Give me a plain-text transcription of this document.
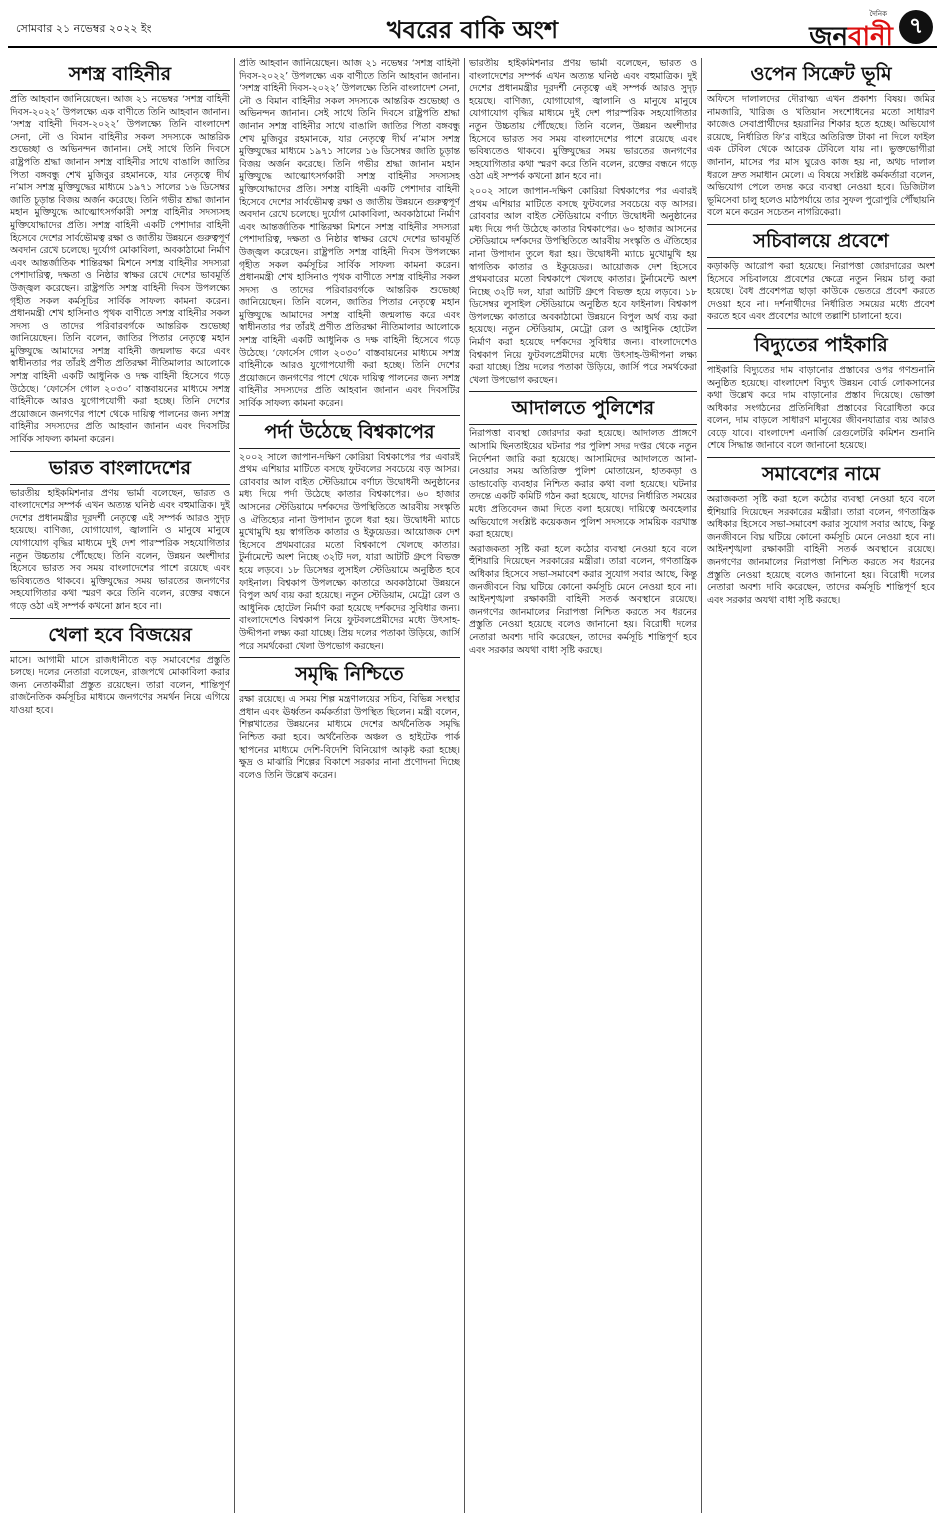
সোমবার ২১ নভেম্বর ২০২২ ইং	খবরের বাকি অংশ
দৈনিক
জনবানী ৭
সশস্ত্র বাহিনীর

প্রতি আহবান জানিয়েছেন। আজ ২১ নভেম্বর ‘সশস্ত্র বাহিনী দিবস-২০২২’ উপলক্ষ্যে এক বাণীতে তিনি আহবান জানান। ‘সশস্ত্র বাহিনী দিবস-২০২২’ উপলক্ষ্যে তিনি বাংলাদেশ সেনা, নৌ ও বিমান বাহিনীর সকল সদস্যকে আন্তরিক শুভেচ্ছা ও অভিনন্দন জানান। সেই সাথে তিনি দিবসে রাষ্ট্রপতি শ্রদ্ধা জানান সশস্ত্র বাহিনীর সাথে বাঙালি জাতির পিতা বঙ্গবন্ধু শেখ মুজিবুর রহমানকে, যার নেতৃত্বে দীর্ঘ ন’মাস সশস্ত্র মুক্তিযুদ্ধের মাধ্যমে ১৯৭১ সালের ১৬ ডিসেম্বর জাতি চূড়ান্ত বিজয় অর্জন করেছে। তিনি গভীর শ্রদ্ধা জানান মহান মুক্তিযুদ্ধে আত্মোৎসর্গকারী সশস্ত্র বাহিনীর সদস্যসহ মুক্তিযোদ্ধাদের প্রতি। সশস্ত্র বাহিনী একটি পেশাদার বাহিনী হিসেবে দেশের সার্বভৌমত্ব রক্ষা ও জাতীয় উন্নয়নে গুরুত্বপূর্ণ অবদান রেখে চলেছে। দুর্যোগ মোকাবিলা, অবকাঠামো নির্মাণ এবং আন্তর্জাতিক শান্তিরক্ষা মিশনে সশস্ত্র বাহিনীর সদস্যরা পেশাদারিত্ব, দক্ষতা ও নিষ্ঠার স্বাক্ষর রেখে দেশের ভাবমূর্তি উজ্জ্বল করেছেন। রাষ্ট্রপতি সশস্ত্র বাহিনী দিবস উপলক্ষ্যে গৃহীত সকল কর্মসূচির সার্বিক সাফল্য কামনা করেন। প্রধানমন্ত্রী শেখ হাসিনাও পৃথক বাণীতে সশস্ত্র বাহিনীর সকল সদস্য ও তাদের পরিবারবর্গকে আন্তরিক শুভেচ্ছা জানিয়েছেন। তিনি বলেন, জাতির পিতার নেতৃত্বে মহান মুক্তিযুদ্ধে আমাদের সশস্ত্র বাহিনী জন্মলাভ করে এবং স্বাধীনতার পর তাঁরই প্রণীত প্রতিরক্ষা নীতিমালার আলোকে সশস্ত্র বাহিনী একটি আধুনিক ও দক্ষ বাহিনী হিসেবে গড়ে উঠেছে। ‘ফোর্সেস গোল ২০৩০’ বাস্তবায়নের মাধ্যমে সশস্ত্র বাহিনীকে আরও যুগোপযোগী করা হচ্ছে। তিনি দেশের প্রয়োজনে জনগণের পাশে থেকে দায়িত্ব পালনের জন্য সশস্ত্র বাহিনীর সদস্যদের প্রতি আহবান জানান এবং দিবসটির সার্বিক সাফল্য কামনা করেন।

ভারত বাংলাদেশের

ভারতীয় হাইকমিশনার প্রণয় ভার্মা বলেছেন, ভারত ও বাংলাদেশের সম্পর্ক এখন অত্যন্ত ঘনিষ্ঠ এবং বহুমাত্রিক। দুই দেশের প্রধানমন্ত্রীর দূরদর্শী নেতৃত্বে এই সম্পর্ক আরও সুদৃঢ় হয়েছে। বাণিজ্য, যোগাযোগ, জ্বালানি ও মানুষে মানুষে যোগাযোগ বৃদ্ধির মাধ্যমে দুই দেশ পারস্পরিক সহযোগিতার নতুন উচ্চতায় পৌঁছেছে। তিনি বলেন, উন্নয়ন অংশীদার হিসেবে ভারত সব সময় বাংলাদেশের পাশে রয়েছে এবং ভবিষ্যতেও থাকবে। মুক্তিযুদ্ধের সময় ভারতের জনগণের সহযোগিতার কথা স্মরণ করে তিনি বলেন, রক্তের বন্ধনে গড়ে ওঠা এই সম্পর্ক কখনো ম্লান হবে না।

খেলা হবে বিজয়ের

মাসে। আগামী মাসে রাজধানীতে বড় সমাবেশের প্রস্তুতি চলছে। দলের নেতারা বলেছেন, রাজপথে মোকাবিলা করার জন্য নেতাকর্মীরা প্রস্তুত রয়েছেন। তারা বলেন, শান্তিপূর্ণ রাজনৈতিক কর্মসূচির মাধ্যমে জনগণের সমর্থন নিয়ে এগিয়ে যাওয়া হবে।

প্রতি আহবান জানিয়েছেন। আজ ২১ নভেম্বর ‘সশস্ত্র বাহিনী দিবস-২০২২’ উপলক্ষ্যে এক বাণীতে তিনি আহবান জানান। ‘সশস্ত্র বাহিনী দিবস-২০২২’ উপলক্ষ্যে তিনি বাংলাদেশ সেনা, নৌ ও বিমান বাহিনীর সকল সদস্যকে আন্তরিক শুভেচ্ছা ও অভিনন্দন জানান। সেই সাথে তিনি দিবসে রাষ্ট্রপতি শ্রদ্ধা জানান সশস্ত্র বাহিনীর সাথে বাঙালি জাতির পিতা বঙ্গবন্ধু শেখ মুজিবুর রহমানকে, যার নেতৃত্বে দীর্ঘ ন’মাস সশস্ত্র মুক্তিযুদ্ধের মাধ্যমে ১৯৭১ সালের ১৬ ডিসেম্বর জাতি চূড়ান্ত বিজয় অর্জন করেছে। তিনি গভীর শ্রদ্ধা জানান মহান মুক্তিযুদ্ধে আত্মোৎসর্গকারী সশস্ত্র বাহিনীর সদস্যসহ মুক্তিযোদ্ধাদের প্রতি। সশস্ত্র বাহিনী একটি পেশাদার বাহিনী হিসেবে দেশের সার্বভৌমত্ব রক্ষা ও জাতীয় উন্নয়নে গুরুত্বপূর্ণ অবদান রেখে চলেছে। দুর্যোগ মোকাবিলা, অবকাঠামো নির্মাণ এবং আন্তর্জাতিক শান্তিরক্ষা মিশনে সশস্ত্র বাহিনীর সদস্যরা পেশাদারিত্ব, দক্ষতা ও নিষ্ঠার স্বাক্ষর রেখে দেশের ভাবমূর্তি উজ্জ্বল করেছেন। রাষ্ট্রপতি সশস্ত্র বাহিনী দিবস উপলক্ষ্যে গৃহীত সকল কর্মসূচির সার্বিক সাফল্য কামনা করেন। প্রধানমন্ত্রী শেখ হাসিনাও পৃথক বাণীতে সশস্ত্র বাহিনীর সকল সদস্য ও তাদের পরিবারবর্গকে আন্তরিক শুভেচ্ছা জানিয়েছেন। তিনি বলেন, জাতির পিতার নেতৃত্বে মহান মুক্তিযুদ্ধে আমাদের সশস্ত্র বাহিনী জন্মলাভ করে এবং স্বাধীনতার পর তাঁরই প্রণীত প্রতিরক্ষা নীতিমালার আলোকে সশস্ত্র বাহিনী একটি আধুনিক ও দক্ষ বাহিনী হিসেবে গড়ে উঠেছে। ‘ফোর্সেস গোল ২০৩০’ বাস্তবায়নের মাধ্যমে সশস্ত্র বাহিনীকে আরও যুগোপযোগী করা হচ্ছে। তিনি দেশের প্রয়োজনে জনগণের পাশে থেকে দায়িত্ব পালনের জন্য সশস্ত্র বাহিনীর সদস্যদের প্রতি আহবান জানান এবং দিবসটির সার্বিক সাফল্য কামনা করেন।

পর্দা উঠেছে বিশ্বকাপের

২০০২ সালে জাপান-দক্ষিণ কোরিয়া বিশ্বকাপের পর এবারই প্রথম এশিয়ার মাটিতে বসছে ফুটবলের সবচেয়ে বড় আসর। রোববার আল বাইত স্টেডিয়ামে বর্ণাঢ্য উদ্বোধনী অনুষ্ঠানের মধ্য দিয়ে পর্দা উঠেছে কাতার বিশ্বকাপের। ৬০ হাজার আসনের স্টেডিয়ামে দর্শকদের উপস্থিতিতে আরবীয় সংস্কৃতি ও ঐতিহ্যের নানা উপাদান তুলে ধরা হয়। উদ্বোধনী ম্যাচে মুখোমুখি হয় স্বাগতিক কাতার ও ইকুয়েডর। আয়োজক দেশ হিসেবে প্রথমবারের মতো বিশ্বকাপে খেলছে কাতার। টুর্নামেন্টে অংশ নিচ্ছে ৩২টি দল, যারা আটটি গ্রুপে বিভক্ত হয়ে লড়বে। ১৮ ডিসেম্বর লুসাইল স্টেডিয়ামে অনুষ্ঠিত হবে ফাইনাল। বিশ্বকাপ উপলক্ষ্যে কাতারে অবকাঠামো উন্নয়নে বিপুল অর্থ ব্যয় করা হয়েছে। নতুন স্টেডিয়াম, মেট্রো রেল ও আধুনিক হোটেল নির্মাণ করা হয়েছে দর্শকদের সুবিধার জন্য। বাংলাদেশেও বিশ্বকাপ নিয়ে ফুটবলপ্রেমীদের মধ্যে উৎসাহ-উদ্দীপনা লক্ষ্য করা যাচ্ছে। প্রিয় দলের পতাকা উড়িয়ে, জার্সি পরে সমর্থকেরা খেলা উপভোগ করছেন।

সমৃদ্ধি নিশ্চিতে

রক্ষা রয়েছে। এ সময় শিল্প মন্ত্রণালয়ের সচিব, বিভিন্ন সংস্থার প্রধান এবং ঊর্ধ্বতন কর্মকর্তারা উপস্থিত ছিলেন। মন্ত্রী বলেন, শিল্পখাতের উন্নয়নের মাধ্যমে দেশের অর্থনৈতিক সমৃদ্ধি নিশ্চিত করা হবে। অর্থনৈতিক অঞ্চল ও হাইটেক পার্ক স্থাপনের মাধ্যমে দেশি-বিদেশি বিনিয়োগ আকৃষ্ট করা হচ্ছে। ক্ষুদ্র ও মাঝারি শিল্পের বিকাশে সরকার নানা প্রণোদনা দিচ্ছে বলেও তিনি উল্লেখ করেন।

ভারতীয় হাইকমিশনার প্রণয় ভার্মা বলেছেন, ভারত ও বাংলাদেশের সম্পর্ক এখন অত্যন্ত ঘনিষ্ঠ এবং বহুমাত্রিক। দুই দেশের প্রধানমন্ত্রীর দূরদর্শী নেতৃত্বে এই সম্পর্ক আরও সুদৃঢ় হয়েছে। বাণিজ্য, যোগাযোগ, জ্বালানি ও মানুষে মানুষে যোগাযোগ বৃদ্ধির মাধ্যমে দুই দেশ পারস্পরিক সহযোগিতার নতুন উচ্চতায় পৌঁছেছে। তিনি বলেন, উন্নয়ন অংশীদার হিসেবে ভারত সব সময় বাংলাদেশের পাশে রয়েছে এবং ভবিষ্যতেও থাকবে। মুক্তিযুদ্ধের সময় ভারতের জনগণের সহযোগিতার কথা স্মরণ করে তিনি বলেন, রক্তের বন্ধনে গড়ে ওঠা এই সম্পর্ক কখনো ম্লান হবে না।

২০০২ সালে জাপান-দক্ষিণ কোরিয়া বিশ্বকাপের পর এবারই প্রথম এশিয়ার মাটিতে বসছে ফুটবলের সবচেয়ে বড় আসর। রোববার আল বাইত স্টেডিয়ামে বর্ণাঢ্য উদ্বোধনী অনুষ্ঠানের মধ্য দিয়ে পর্দা উঠেছে কাতার বিশ্বকাপের। ৬০ হাজার আসনের স্টেডিয়ামে দর্শকদের উপস্থিতিতে আরবীয় সংস্কৃতি ও ঐতিহ্যের নানা উপাদান তুলে ধরা হয়। উদ্বোধনী ম্যাচে মুখোমুখি হয় স্বাগতিক কাতার ও ইকুয়েডর। আয়োজক দেশ হিসেবে প্রথমবারের মতো বিশ্বকাপে খেলছে কাতার। টুর্নামেন্টে অংশ নিচ্ছে ৩২টি দল, যারা আটটি গ্রুপে বিভক্ত হয়ে লড়বে। ১৮ ডিসেম্বর লুসাইল স্টেডিয়ামে অনুষ্ঠিত হবে ফাইনাল। বিশ্বকাপ উপলক্ষ্যে কাতারে অবকাঠামো উন্নয়নে বিপুল অর্থ ব্যয় করা হয়েছে। নতুন স্টেডিয়াম, মেট্রো রেল ও আধুনিক হোটেল নির্মাণ করা হয়েছে দর্শকদের সুবিধার জন্য। বাংলাদেশেও বিশ্বকাপ নিয়ে ফুটবলপ্রেমীদের মধ্যে উৎসাহ-উদ্দীপনা লক্ষ্য করা যাচ্ছে। প্রিয় দলের পতাকা উড়িয়ে, জার্সি পরে সমর্থকেরা খেলা উপভোগ করছেন।

আদালতে পুলিশের

নিরাপত্তা ব্যবস্থা জোরদার করা হয়েছে। আদালত প্রাঙ্গণে আসামি ছিনতাইয়ের ঘটনার পর পুলিশ সদর দপ্তর থেকে নতুন নির্দেশনা জারি করা হয়েছে। আসামিদের আদালতে আনা-নেওয়ার সময় অতিরিক্ত পুলিশ মোতায়েন, হাতকড়া ও ডান্ডাবেড়ি ব্যবহার নিশ্চিত করার কথা বলা হয়েছে। ঘটনার তদন্তে একটি কমিটি গঠন করা হয়েছে, যাদের নির্ধারিত সময়ের মধ্যে প্রতিবেদন জমা দিতে বলা হয়েছে। দায়িত্বে অবহেলার অভিযোগে সংশ্লিষ্ট কয়েকজন পুলিশ সদস্যকে সাময়িক বরখাস্ত করা হয়েছে।

অরাজকতা সৃষ্টি করা হলে কঠোর ব্যবস্থা নেওয়া হবে বলে হুঁশিয়ারি দিয়েছেন সরকারের মন্ত্রীরা। তারা বলেন, গণতান্ত্রিক অধিকার হিসেবে সভা-সমাবেশ করার সুযোগ সবার আছে, কিন্তু জনজীবনে বিঘ্ন ঘটিয়ে কোনো কর্মসূচি মেনে নেওয়া হবে না। আইনশৃঙ্খলা রক্ষাকারী বাহিনী সতর্ক অবস্থানে রয়েছে। জনগণের জানমালের নিরাপত্তা নিশ্চিত করতে সব ধরনের প্রস্তুতি নেওয়া হয়েছে বলেও জানানো হয়। বিরোধী দলের নেতারা অবশ্য দাবি করেছেন, তাদের কর্মসূচি শান্তিপূর্ণ হবে এবং সরকার অযথা বাধা সৃষ্টি করছে।

ওপেন সিক্রেট ভূমি

অফিসে দালালদের দৌরাত্ম্য এখন প্রকাশ্য বিষয়। জমির নামজারি, খারিজ ও খতিয়ান সংশোধনের মতো সাধারণ কাজেও সেবাপ্রার্থীদের হয়রানির শিকার হতে হচ্ছে। অভিযোগ রয়েছে, নির্ধারিত ফি’র বাইরে অতিরিক্ত টাকা না দিলে ফাইল এক টেবিল থেকে আরেক টেবিলে যায় না। ভুক্তভোগীরা জানান, মাসের পর মাস ঘুরেও কাজ হয় না, অথচ দালাল ধরলে দ্রুত সমাধান মেলে। এ বিষয়ে সংশ্লিষ্ট কর্মকর্তারা বলেন, অভিযোগ পেলে তদন্ত করে ব্যবস্থা নেওয়া হবে। ডিজিটাল ভূমিসেবা চালু হলেও মাঠপর্যায়ে তার সুফল পুরোপুরি পৌঁছায়নি বলে মনে করেন সচেতন নাগরিকেরা।

সচিবালয়ে প্রবেশে

কড়াকড়ি আরোপ করা হয়েছে। নিরাপত্তা জোরদারের অংশ হিসেবে সচিবালয়ে প্রবেশের ক্ষেত্রে নতুন নিয়ম চালু করা হয়েছে। বৈধ প্রবেশপত্র ছাড়া কাউকে ভেতরে প্রবেশ করতে দেওয়া হবে না। দর্শনার্থীদের নির্ধারিত সময়ের মধ্যে প্রবেশ করতে হবে এবং প্রবেশের আগে তল্লাশি চালানো হবে।

বিদ্যুতের পাইকারি

পাইকারি বিদ্যুতের দাম বাড়ানোর প্রস্তাবের ওপর গণশুনানি অনুষ্ঠিত হয়েছে। বাংলাদেশ বিদ্যুৎ উন্নয়ন বোর্ড লোকসানের কথা উল্লেখ করে দাম বাড়ানোর প্রস্তাব দিয়েছে। ভোক্তা অধিকার সংগঠনের প্রতিনিধিরা প্রস্তাবের বিরোধিতা করে বলেন, দাম বাড়লে সাধারণ মানুষের জীবনযাত্রার ব্যয় আরও বেড়ে যাবে। বাংলাদেশ এনার্জি রেগুলেটরি কমিশন শুনানি শেষে সিদ্ধান্ত জানাবে বলে জানানো হয়েছে।

সমাবেশের নামে

অরাজকতা সৃষ্টি করা হলে কঠোর ব্যবস্থা নেওয়া হবে বলে হুঁশিয়ারি দিয়েছেন সরকারের মন্ত্রীরা। তারা বলেন, গণতান্ত্রিক অধিকার হিসেবে সভা-সমাবেশ করার সুযোগ সবার আছে, কিন্তু জনজীবনে বিঘ্ন ঘটিয়ে কোনো কর্মসূচি মেনে নেওয়া হবে না। আইনশৃঙ্খলা রক্ষাকারী বাহিনী সতর্ক অবস্থানে রয়েছে। জনগণের জানমালের নিরাপত্তা নিশ্চিত করতে সব ধরনের প্রস্তুতি নেওয়া হয়েছে বলেও জানানো হয়। বিরোধী দলের নেতারা অবশ্য দাবি করেছেন, তাদের কর্মসূচি শান্তিপূর্ণ হবে এবং সরকার অযথা বাধা সৃষ্টি করছে।
